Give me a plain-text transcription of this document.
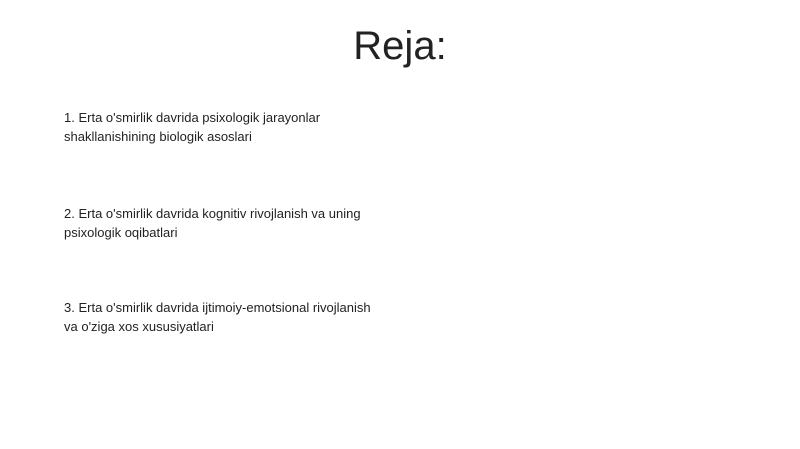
Reja:
1. Erta o'smirlik davrida psixologik jarayonlar
shakllanishining biologik asoslari
2. Erta o'smirlik davrida kognitiv rivojlanish va uning
psixologik oqibatlari
3. Erta o'smirlik davrida ijtimoiy-emotsional rivojlanish
va o'ziga xos xususiyatlari
